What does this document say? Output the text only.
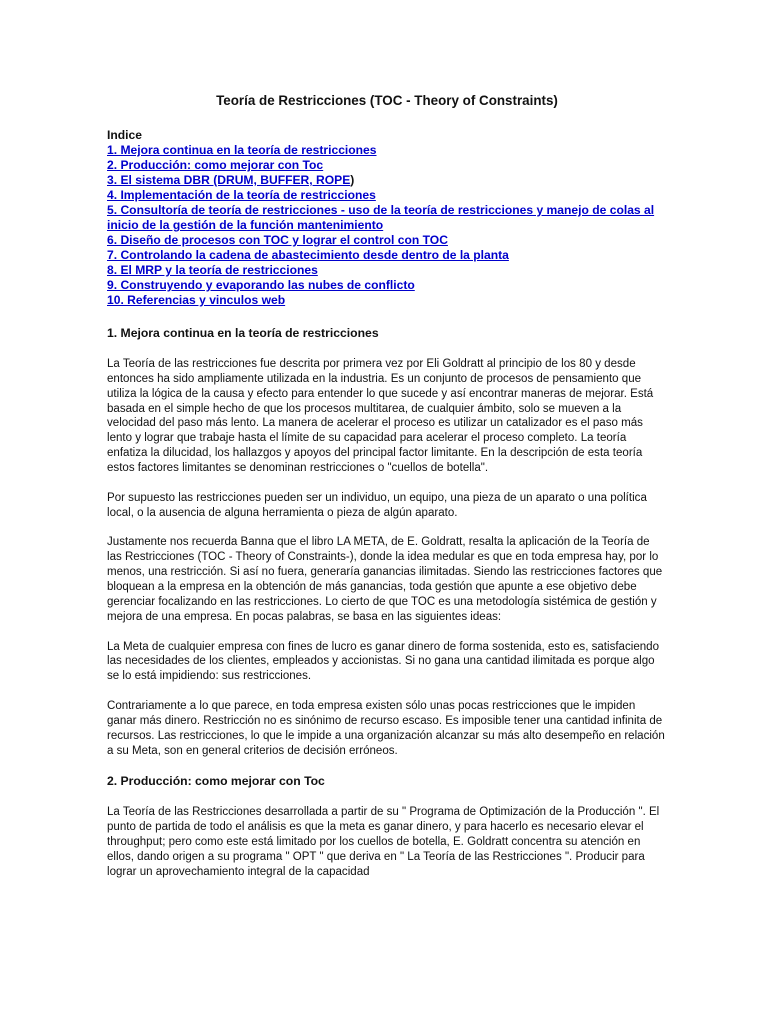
Teoría de Restricciones (TOC - Theory of Constraints)
Indice
1. Mejora continua en la teoría de restricciones
2. Producción: como mejorar con Toc
3. El sistema DBR (DRUM, BUFFER, ROPE)
4. Implementación de la teoría de restricciones
5. Consultoría de teoría de restricciones - uso de la teoría de restricciones y manejo de colas al inicio de la gestión de la función mantenimiento
6. Diseño de procesos con TOC y lograr el control con TOC
7. Controlando la cadena de abastecimiento desde dentro de la planta
8. El MRP y la teoría de restricciones
9. Construyendo y evaporando las nubes de conflicto
10. Referencias y vinculos web
1. Mejora continua en la teoría de restricciones

La Teoría de las restricciones fue descrita por primera vez por Eli Goldratt al principio de los 80 y desde entonces ha sido ampliamente utilizada en la industria. Es un conjunto de procesos de pensamiento que utiliza la lógica de la causa y efecto para entender lo que sucede y así encontrar maneras de mejorar. Está basada en el simple hecho de que los procesos multitarea, de cualquier ámbito, solo se mueven a la velocidad del paso más lento. La manera de acelerar el proceso es utilizar un catalizador es el paso más lento y lograr que trabaje hasta el límite de su capacidad para acelerar el proceso completo. La teoría enfatiza la dilucidad, los hallazgos y apoyos del principal factor limitante. En la descripción de esta teoría estos factores limitantes se denominan restricciones o "cuellos de botella".

Por supuesto las restricciones pueden ser un individuo, un equipo, una pieza de un aparato o una política local, o la ausencia de alguna herramienta o pieza de algún aparato.

Justamente nos recuerda Banna que el libro LA META, de E. Goldratt, resalta la aplicación de la Teoría de las Restricciones (TOC - Theory of Constraints-), donde la idea medular es que en toda empresa hay, por lo menos, una restricción. Si así no fuera, generaría ganancias ilimitadas. Siendo las restricciones factores que bloquean a la empresa en la obtención de más ganancias, toda gestión que apunte a ese objetivo debe gerenciar focalizando en las restricciones. Lo cierto de que TOC es una metodología sistémica de gestión y mejora de una empresa. En pocas palabras, se basa en las siguientes ideas:

La Meta de cualquier empresa con fines de lucro es ganar dinero de forma sostenida, esto es, satisfaciendo las necesidades de los clientes, empleados y accionistas. Si no gana una cantidad ilimitada es porque algo se lo está impidiendo: sus restricciones.

Contrariamente a lo que parece, en toda empresa existen sólo unas pocas restricciones que le impiden ganar más dinero. Restricción no es sinónimo de recurso escaso. Es imposible tener una cantidad infinita de recursos. Las restricciones, lo que le impide a una organización alcanzar su más alto desempeño en relación a su Meta, son en general criterios de decisión erróneos.

2. Producción: como mejorar con Toc

La Teoría de las Restricciones desarrollada a partir de su " Programa de Optimización de la Producción ". El punto de partida de todo el análisis es que la meta es ganar dinero, y para hacerlo es necesario elevar el throughput; pero como este está limitado por los cuellos de botella, E. Goldratt concentra su atención en ellos, dando origen a su programa " OPT " que deriva en " La Teoría de las Restricciones ". Producir para lograr un aprovechamiento integral de la capacidad
